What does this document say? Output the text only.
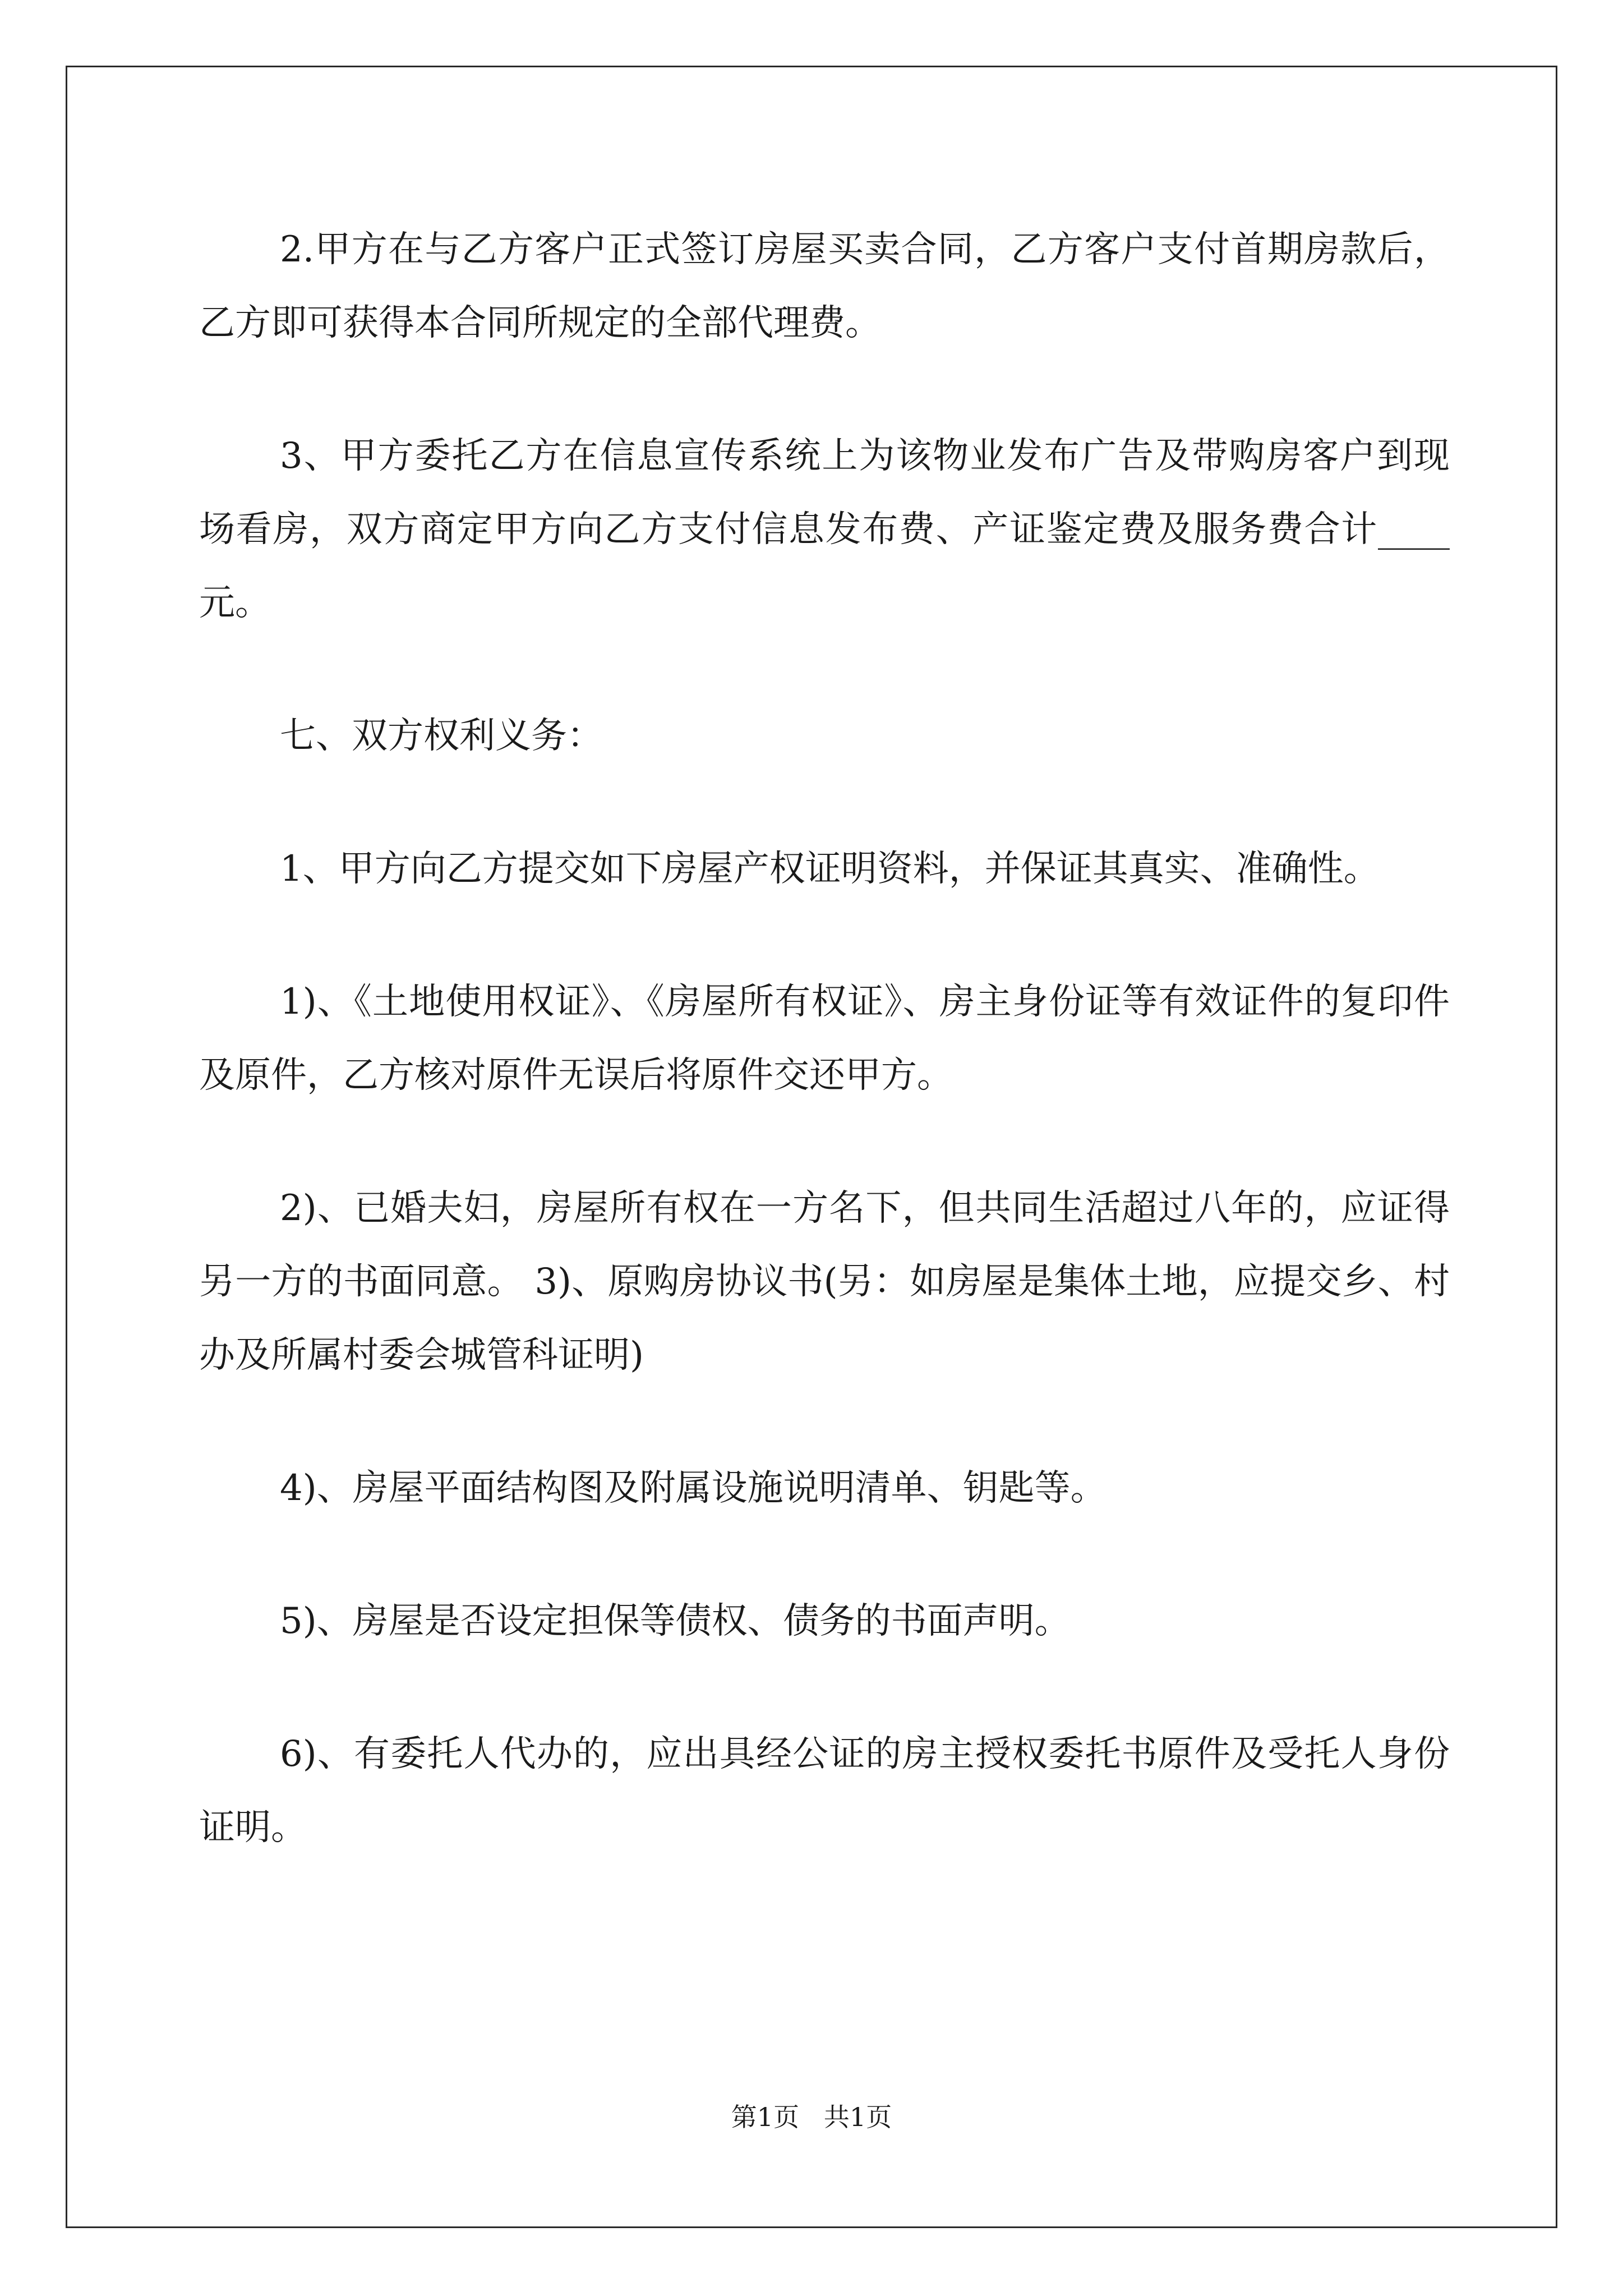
2.甲方在与乙方客户正式签订房屋买卖合同，乙方客户支付首期房款后，乙方即可获得本合同所规定的全部代理费。

3、甲方委托乙方在信息宣传系统上为该物业发布广告及带购房客户到现场看房，双方商定甲方向乙方支付信息发布费、产证鉴定费及服务费合计____元。

七、双方权利义务：

1、甲方向乙方提交如下房屋产权证明资料，并保证其真实、准确性。

1)、《土地使用权证》、《房屋所有权证》、房主身份证等有效证件的复印件及原件，乙方核对原件无误后将原件交还甲方。

2)、已婚夫妇，房屋所有权在一方名下，但共同生活超过八年的，应证得另一方的书面同意。 3)、原购房协议书(另：如房屋是集体土地，应提交乡、村办及所属村委会城管科证明)

4)、房屋平面结构图及附属设施说明清单、钥匙等。

5)、房屋是否设定担保等债权、债务的书面声明。

6)、有委托人代办的，应出具经公证的房主授权委托书原件及受托人身份证明。

第1页   共1页
